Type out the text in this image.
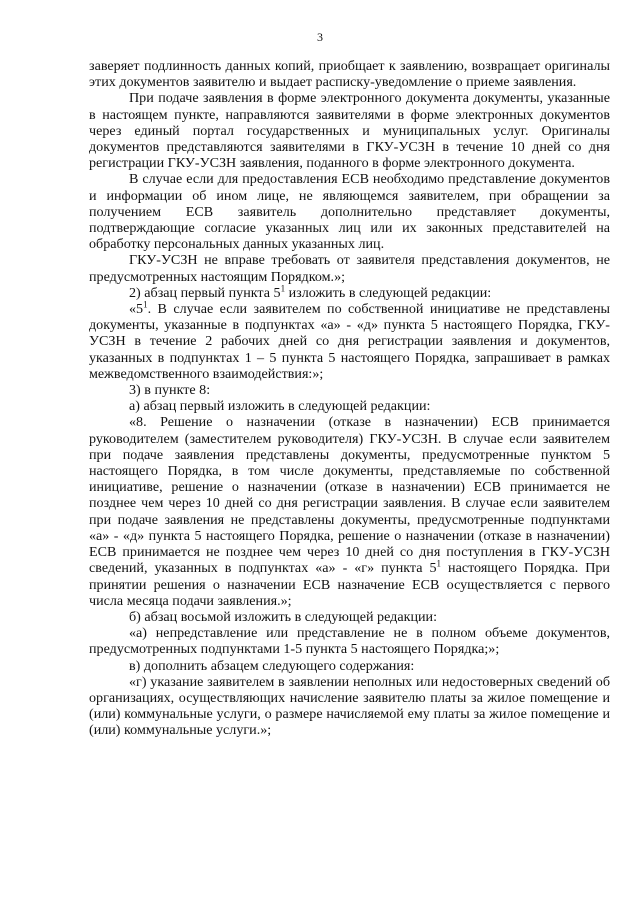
3

заверяет подлинность данных копий, приобщает к заявлению, возвращает оригиналы этих документов заявителю и выдает расписку-уведомление о приеме заявления.

При подаче заявления в форме электронного документа документы, указанные в настоящем пункте, направляются заявителями в форме электронных документов через единый портал государственных и муниципальных услуг. Оригиналы документов представляются заявителями в ГКУ-УСЗН в течение 10 дней со дня регистрации ГКУ-УСЗН заявления, поданного в форме электронного документа.

В случае если для предоставления ЕСВ необходимо представление документов и информации об ином лице, не являющемся заявителем, при обращении за получением ЕСВ заявитель дополнительно представляет документы, подтверждающие согласие указанных лиц или их законных представителей на обработку персональных данных указанных лиц.

ГКУ-УСЗН не вправе требовать от заявителя представления документов, не предусмотренных настоящим Порядком.»;

2) абзац первый пункта $5^1$ изложить в следующей редакции:

«$5^1$. В случае если заявителем по собственной инициативе не представлены документы, указанные в подпунктах «а» - «д» пункта 5 настоящего Порядка, ГКУ-УСЗН в течение 2 рабочих дней со дня регистрации заявления и документов, указанных в подпунктах 1 – 5 пункта 5 настоящего Порядка, запрашивает в рамках межведомственного взаимодействия:»;

3) в пункте 8:

а) абзац первый изложить в следующей редакции:

«8. Решение о назначении (отказе в назначении) ЕСВ принимается руководителем (заместителем руководителя) ГКУ-УСЗН. В случае если заявителем при подаче заявления представлены документы, предусмотренные пунктом 5 настоящего Порядка, в том числе документы, представляемые по собственной инициативе, решение о назначении (отказе в назначении) ЕСВ принимается не позднее чем через 10 дней со дня регистрации заявления. В случае если заявителем при подаче заявления не представлены документы, предусмотренные подпунктами «а» - «д» пункта 5 настоящего Порядка, решение о назначении (отказе в назначении) ЕСВ принимается не позднее чем через 10 дней со дня поступления в ГКУ-УСЗН сведений, указанных в подпунктах «а» - «г» пункта $5^1$ настоящего Порядка. При принятии решения о назначении ЕСВ назначение ЕСВ осуществляется с первого числа месяца подачи заявления.»;

б) абзац восьмой изложить в следующей редакции:

«а) непредставление или представление не в полном объеме документов, предусмотренных подпунктами 1-5 пункта 5 настоящего Порядка;»;

в) дополнить абзацем следующего содержания:

«г) указание заявителем в заявлении неполных или недостоверных сведений об организациях, осуществляющих начисление заявителю платы за жилое помещение и (или) коммунальные услуги, о размере начисляемой ему платы за жилое помещение и (или) коммунальные услуги.»;
